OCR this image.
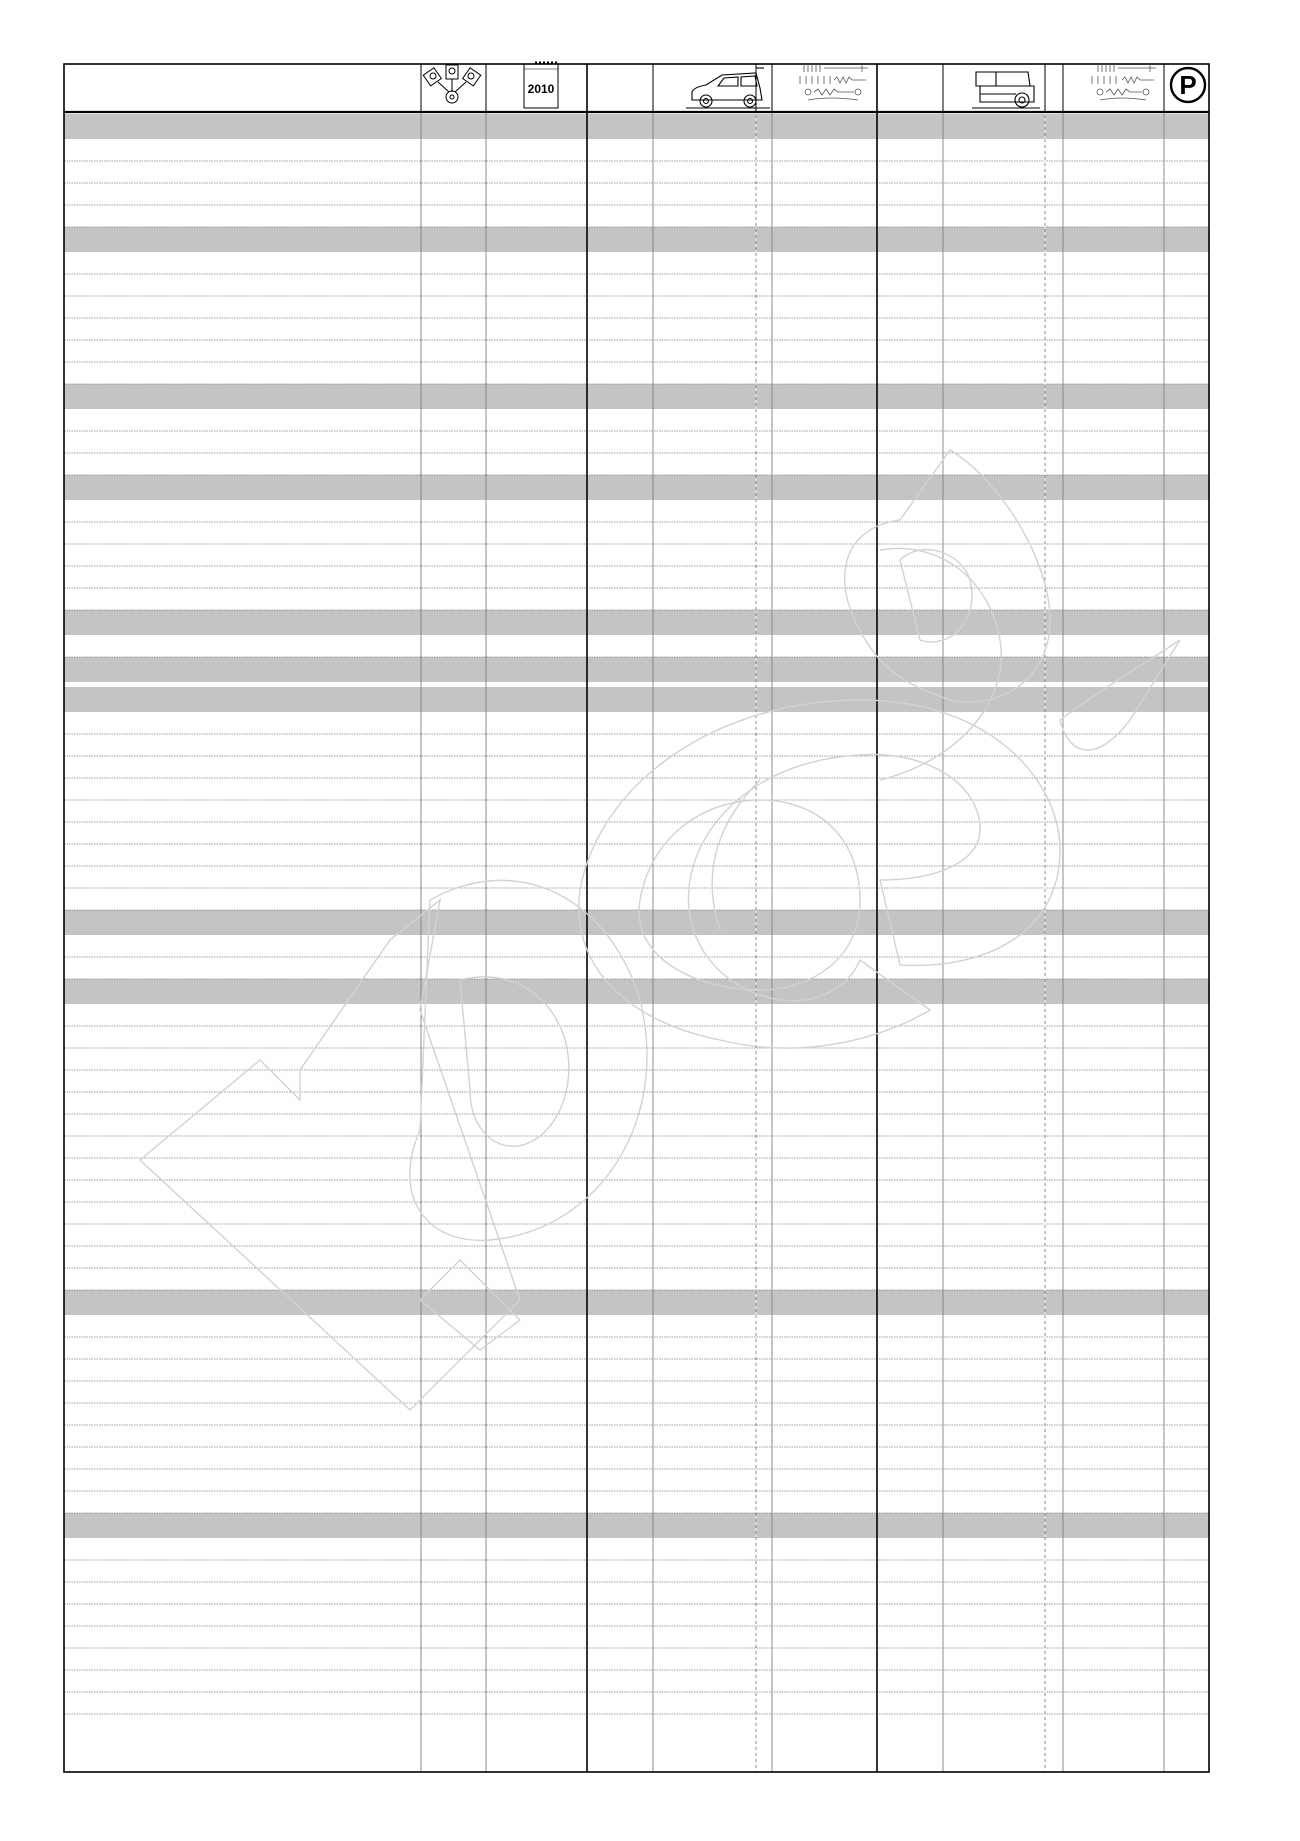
2010	P
